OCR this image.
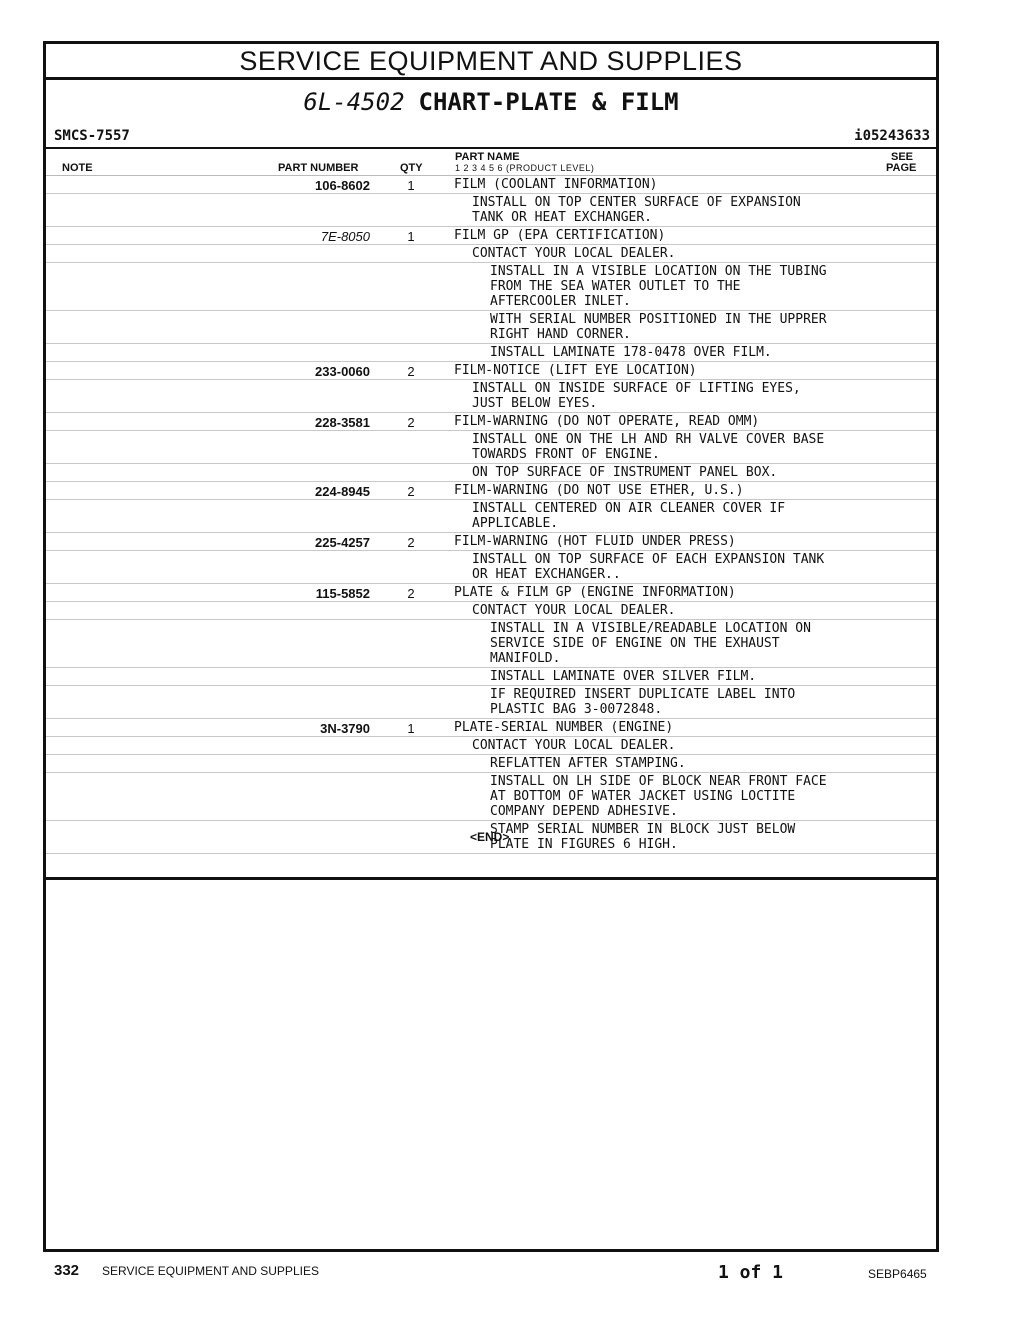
SERVICE EQUIPMENT AND SUPPLIES
6L-4502 CHART-PLATE & FILM
SMCS-7557	i05243633
NOTE	PART NUMBER	QTY
PART NAME
1 2 3 4 5 6 (PRODUCT LEVEL)
SEE
PAGE
106-8602	1	FILM (COOLANT INFORMATION)
INSTALL ON TOP CENTER SURFACE OF EXPANSION
TANK OR HEAT EXCHANGER.
7E-8050	1	FILM GP (EPA CERTIFICATION)
CONTACT YOUR LOCAL DEALER.
INSTALL IN A VISIBLE LOCATION ON THE TUBING
FROM THE SEA WATER OUTLET TO THE
AFTERCOOLER INLET.
WITH SERIAL NUMBER POSITIONED IN THE UPPRER
RIGHT HAND CORNER.
INSTALL LAMINATE 178-0478 OVER FILM.
233-0060	2	FILM-NOTICE (LIFT EYE LOCATION)
INSTALL ON INSIDE SURFACE OF LIFTING EYES,
JUST BELOW EYES.
228-3581	2	FILM-WARNING (DO NOT OPERATE, READ OMM)
INSTALL ONE ON THE LH AND RH VALVE COVER BASE
TOWARDS FRONT OF ENGINE.
ON TOP SURFACE OF INSTRUMENT PANEL BOX.
224-8945	2	FILM-WARNING (DO NOT USE ETHER, U.S.)
INSTALL CENTERED ON AIR CLEANER COVER IF
APPLICABLE.
225-4257	2	FILM-WARNING (HOT FLUID UNDER PRESS)
INSTALL ON TOP SURFACE OF EACH EXPANSION TANK
OR HEAT EXCHANGER..
115-5852	2	PLATE & FILM GP (ENGINE INFORMATION)
CONTACT YOUR LOCAL DEALER.
INSTALL IN A VISIBLE/READABLE LOCATION ON
SERVICE SIDE OF ENGINE ON THE EXHAUST
MANIFOLD.
INSTALL LAMINATE OVER SILVER FILM.
IF REQUIRED INSERT DUPLICATE LABEL INTO
PLASTIC BAG 3-0072848.
3N-3790	1	PLATE-SERIAL NUMBER (ENGINE)
CONTACT YOUR LOCAL DEALER.
REFLATTEN AFTER STAMPING.
INSTALL ON LH SIDE OF BLOCK NEAR FRONT FACE
AT BOTTOM OF WATER JACKET USING LOCTITE
COMPANY DEPEND ADHESIVE.
STAMP SERIAL NUMBER IN BLOCK JUST BELOW
PLATE IN FIGURES 6 HIGH.
<END>
332 SERVICE EQUIPMENT AND SUPPLIES	1 of 1	SEBP6465
